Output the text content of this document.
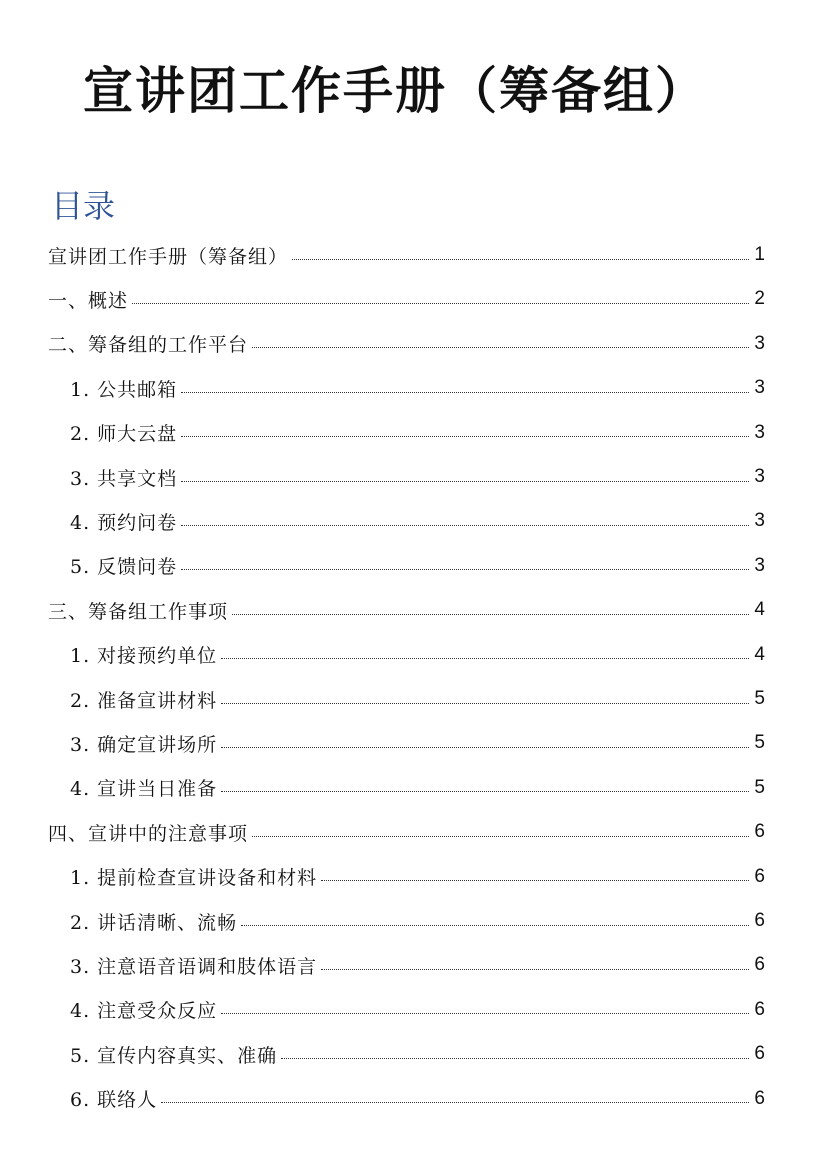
宣讲团工作手册（筹备组）
目录
宣讲团工作手册（筹备组）	1
一、概述	2
二、筹备组的工作平台	3
1. 公共邮箱	3
2. 师大云盘	3
3. 共享文档	3
4. 预约问卷	3
5. 反馈问卷	3
三、筹备组工作事项	4
1. 对接预约单位	4
2. 准备宣讲材料	5
3. 确定宣讲场所	5
4. 宣讲当日准备	5
四、宣讲中的注意事项	6
1. 提前检查宣讲设备和材料	6
2. 讲话清晰、流畅	6
3. 注意语音语调和肢体语言	6
4. 注意受众反应	6
5. 宣传内容真实、准确	6
6. 联络人	6
